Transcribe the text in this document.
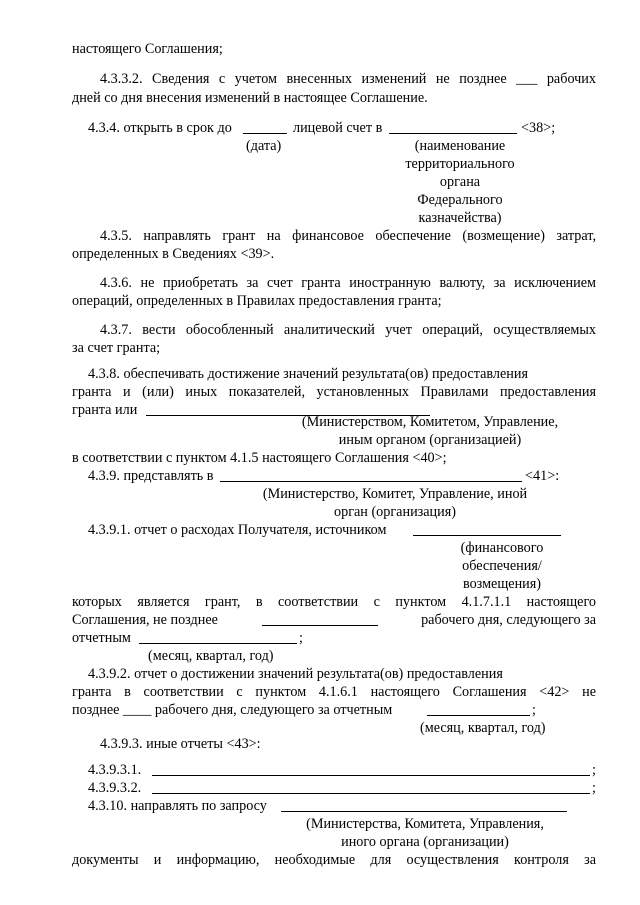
настоящего Соглашения;
4.3.3.2. Сведения с учетом внесенных изменений не позднее ___ рабочих
дней со дня внесения изменений в настоящее Соглашение.
4.3.4. открыть в срок до	лицевой счет в	<38>;
(дата)	(наименование
территориального
органа
Федерального
казначейства)
4.3.5. направлять грант на финансовое обеспечение (возмещение) затрат,
определенных в Сведениях <39>.
4.3.6. не приобретать за счет гранта иностранную валюту, за исключением
операций, определенных в Правилах предоставления гранта;
4.3.7. вести обособленный аналитический учет операций, осуществляемых
за счет гранта;
4.3.8. обеспечивать достижение значений результата(ов) предоставления
гранта и (или) иных показателей, установленных Правилами предоставления
гранта или
(Министерством, Комитетом, Управление,
иным органом (организацией)
в соответствии с пунктом 4.1.5 настоящего Соглашения <40>;
4.3.9. представлять в	<41>:
(Министерство, Комитет, Управление, иной
орган (организация)
4.3.9.1. отчет о расходах Получателя, источником
(финансового
обеспечения/
возмещения)
которых является грант, в соответствии с пунктом 4.1.7.1.1 настоящего
Соглашения, не позднее	рабочего дня, следующего за
отчетным	;
(месяц, квартал, год)
4.3.9.2. отчет о достижении значений результата(ов) предоставления
гранта в соответствии с пунктом 4.1.6.1 настоящего Соглашения <42> не
позднее ____ рабочего дня, следующего за отчетным	;
(месяц, квартал, год)
4.3.9.3. иные отчеты <43>:
4.3.9.3.1.	;
4.3.9.3.2.	;
4.3.10. направлять по запросу
(Министерства, Комитета, Управления,
иного органа (организации)
документы и информацию, необходимые для осуществления контроля за
